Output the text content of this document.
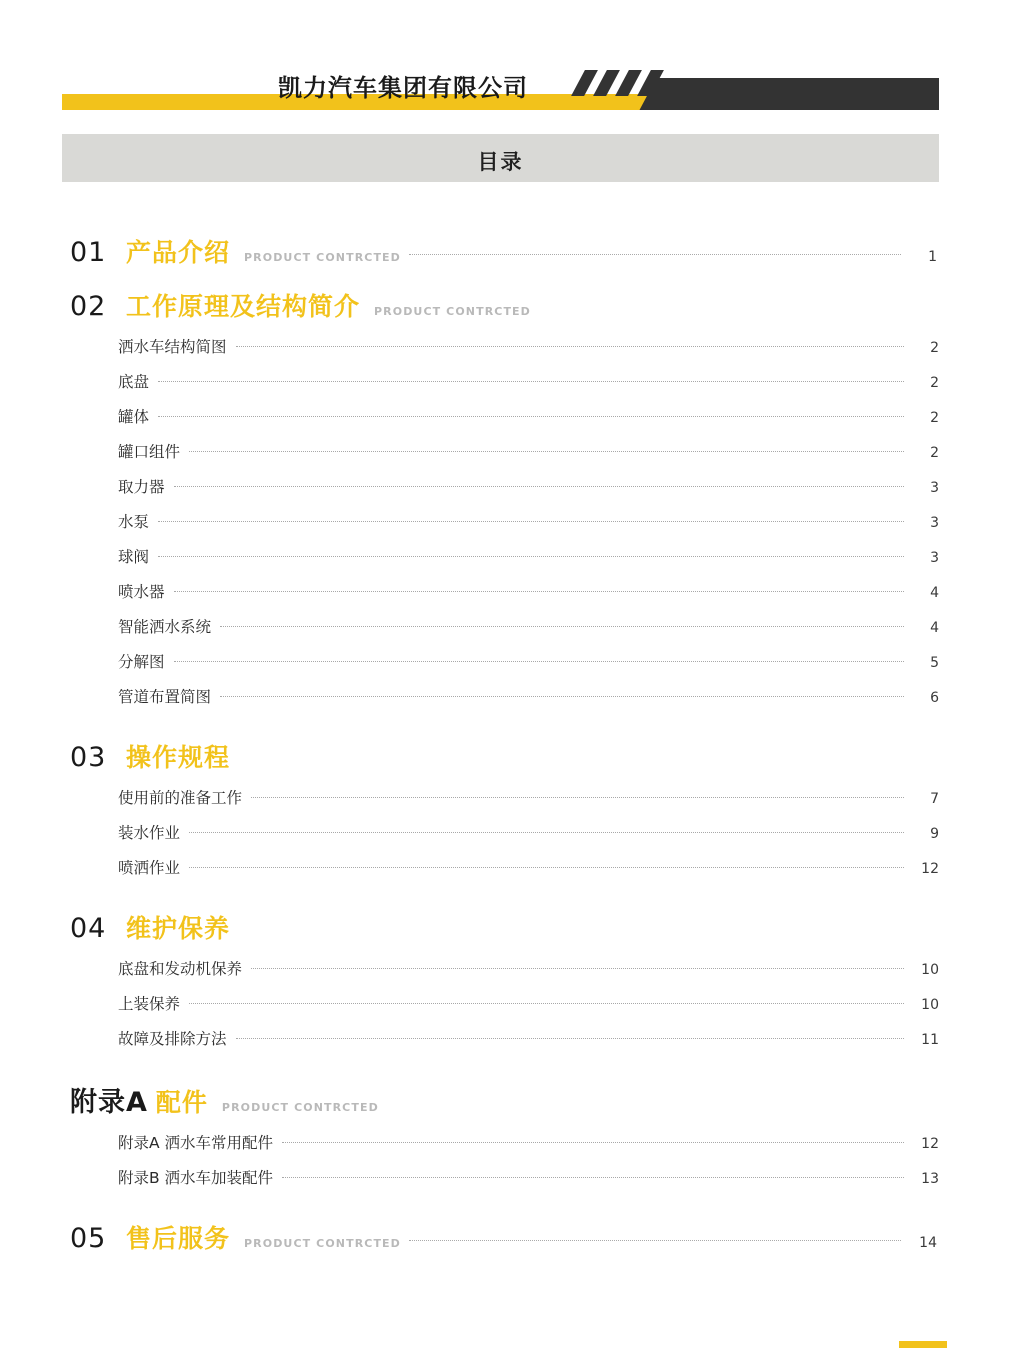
凯力汽车集团有限公司
目录
01 产品介绍 PRODUCT CONTRCTED	1
02 工作原理及结构简介 PRODUCT CONTRCTED
洒水车结构简图	2
底盘	2
罐体	2
罐口组件	2
取力器	3
水泵	3
球阀	3
喷水器	4
智能洒水系统	4
分解图	5
管道布置简图	6
03 操作规程
使用前的准备工作	7
装水作业	9
喷洒作业	12
04 维护保养
底盘和发动机保养	10
上装保养	10
故障及排除方法	11
附录A 配件 PRODUCT CONTRCTED
附录A 洒水车常用配件	12
附录B 洒水车加装配件	13
05 售后服务 PRODUCT CONTRCTED	14
